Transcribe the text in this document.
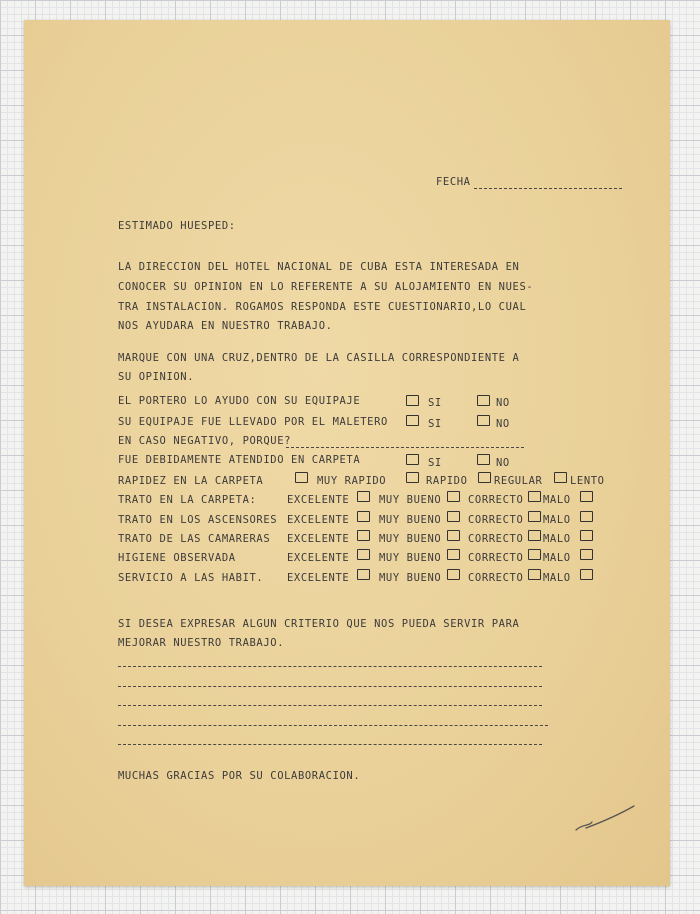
FECHA
ESTIMADO HUESPED:
LA DIRECCION DEL HOTEL NACIONAL DE CUBA ESTA INTERESADA EN
CONOCER SU OPINION EN LO REFERENTE A SU ALOJAMIENTO EN NUES-
TRA INSTALACION. ROGAMOS RESPONDA ESTE CUESTIONARIO,LO CUAL
NOS AYUDARA EN NUESTRO TRABAJO.
MARQUE CON UNA CRUZ,DENTRO DE LA CASILLA CORRESPONDIENTE A
SU OPINION.
EL PORTERO LO AYUDO CON SU EQUIPAJE	SI	NO
SU EQUIPAJE FUE LLEVADO POR EL MALETERO	SI	NO
EN CASO NEGATIVO, PORQUE?
FUE DEBIDAMENTE ATENDIDO EN CARPETA	SI	NO
RAPIDEZ EN LA CARPETA	MUY RAPIDO	RAPIDO	REGULAR	LENTO
TRATO EN LA CARPETA:	EXCELENTE	MUY BUENO	CORRECTO MALO
TRATO EN LOS ASCENSORES EXCELENTE	MUY BUENO	CORRECTO MALO
TRATO DE LAS CAMARERAS EXCELENTE	MUY BUENO	CORRECTO MALO
HIGIENE OBSERVADA	EXCELENTE	MUY BUENO	CORRECTO MALO
SERVICIO A LAS HABIT. EXCELENTE	MUY BUENO	CORRECTO MALO
SI DESEA EXPRESAR ALGUN CRITERIO QUE NOS PUEDA SERVIR PARA
MEJORAR NUESTRO TRABAJO.
MUCHAS GRACIAS POR SU COLABORACION.
